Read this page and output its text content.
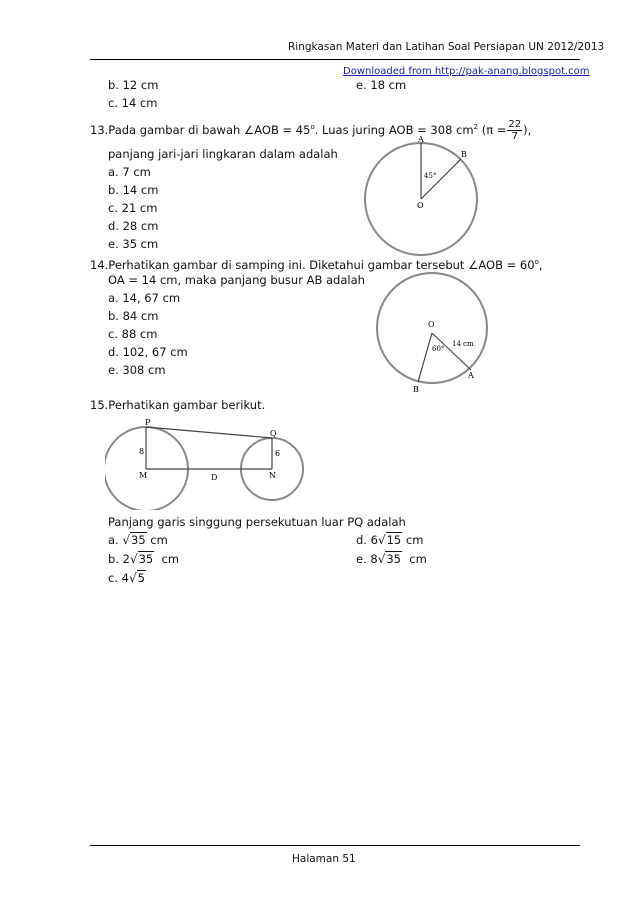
Ringkasan Materi dan Latihan Soal Persiapan UN 2012/2013
Downloaded from http://pak-anang.blogspot.com
b. 12 cm	e. 18 cm
c. 14 cm
13.Pada gambar di bawah ∠AOB = $45^o$. Luas juring AOB = 308 $cm^2$ ($\pi = \frac{22}{7}$ ),
panjang jari-jari lingkaran dalam adalah
a. 7 cm
b. 14 cm
c. 21 cm
d. 28 cm
e. 35 cm
A
B
O
45°
14.Perhatikan gambar di samping ini. Diketahui gambar tersebut ∠AOB = $60^o$,
OA = 14 cm, maka panjang busur AB adalah
a. 14, 67 cm
b. 84 cm
c. 88 cm
d. 102, 67 cm
e. 308 cm
O
A
B
60°
14 cm
15.Perhatikan gambar berikut.
P
Q
M	N
D
8	6
Panjang garis singgung persekutuan luar PQ adalah
a. √35 cm	d. 6√15 cm
b. 2√35  cm	e. 8√35  cm
c. 4√5
Halaman 51
